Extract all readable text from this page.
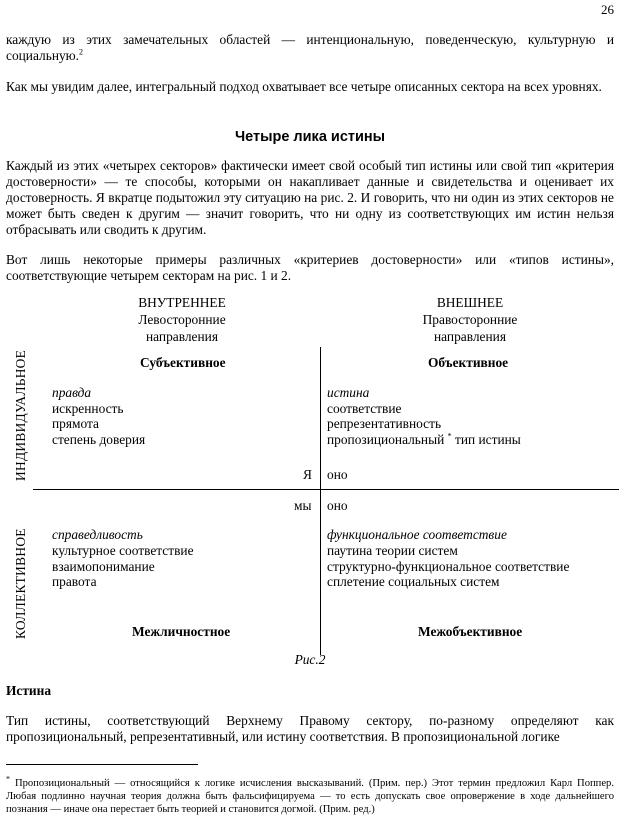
26
каждую из этих замечательных областей — интенциональную, поведенческую, культурную и социальную.$^2$
Как мы увидим далее, интегральный подход охватывает все четыре описанных сектора на всех уровнях.
Четыре лика истины
Каждый из этих «четырех секторов» фактически имеет свой особый тип истины или свой тип «критерия достоверности» — те способы, которыми он накапливает данные и свидетельства и оценивает их достоверность. Я вкратце подытожил эту ситуацию на рис. 2. И говорить, что ни один из этих секторов не может быть сведен к другим — значит говорить, что ни одну из соответствующих им истин нельзя отбрасывать или сводить к другим.
Вот лишь некоторые примеры различных «критериев достоверности» или «типов истины», соответствующие четырем секторам на рис. 1 и 2.
ВНУТРЕННЕЕ
Левосторонние
направления
ВНЕШНЕЕ
Правосторонние
направления
ИНДИВИДУАЛЬНОЕ
КОЛЛЕКТИВНОЕ
Субъективное
правда
искренность
прямота
степень доверия
Я
Объективное
истина
соответствие
репрезентативность
пропозициональный * тип истины
оно
мы
справедливость
культурное соответствие
взаимопонимание
правота
Межличностное
оно
функциональное соответствие
паутина теории систем
структурно-функциональное соответствие
сплетение социальных систем
Межобъективное
Рис.2
Истина
Тип истины, соответствующий Верхнему Правому сектору, по-разному определяют как пропозициональный, репрезентативный, или истину соответствия. В пропозициональной логике
* Пропозициональный — относящийся к логике исчисления высказываний. (Прим. пер.) Этот термин предложил Карл Поппер. Любая подлинно научная теория должна быть фальсифицируема — то есть допускать свое опровержение в ходе дальнейшего познания — иначе она перестает быть теорией и становится догмой. (Прим. ред.)
